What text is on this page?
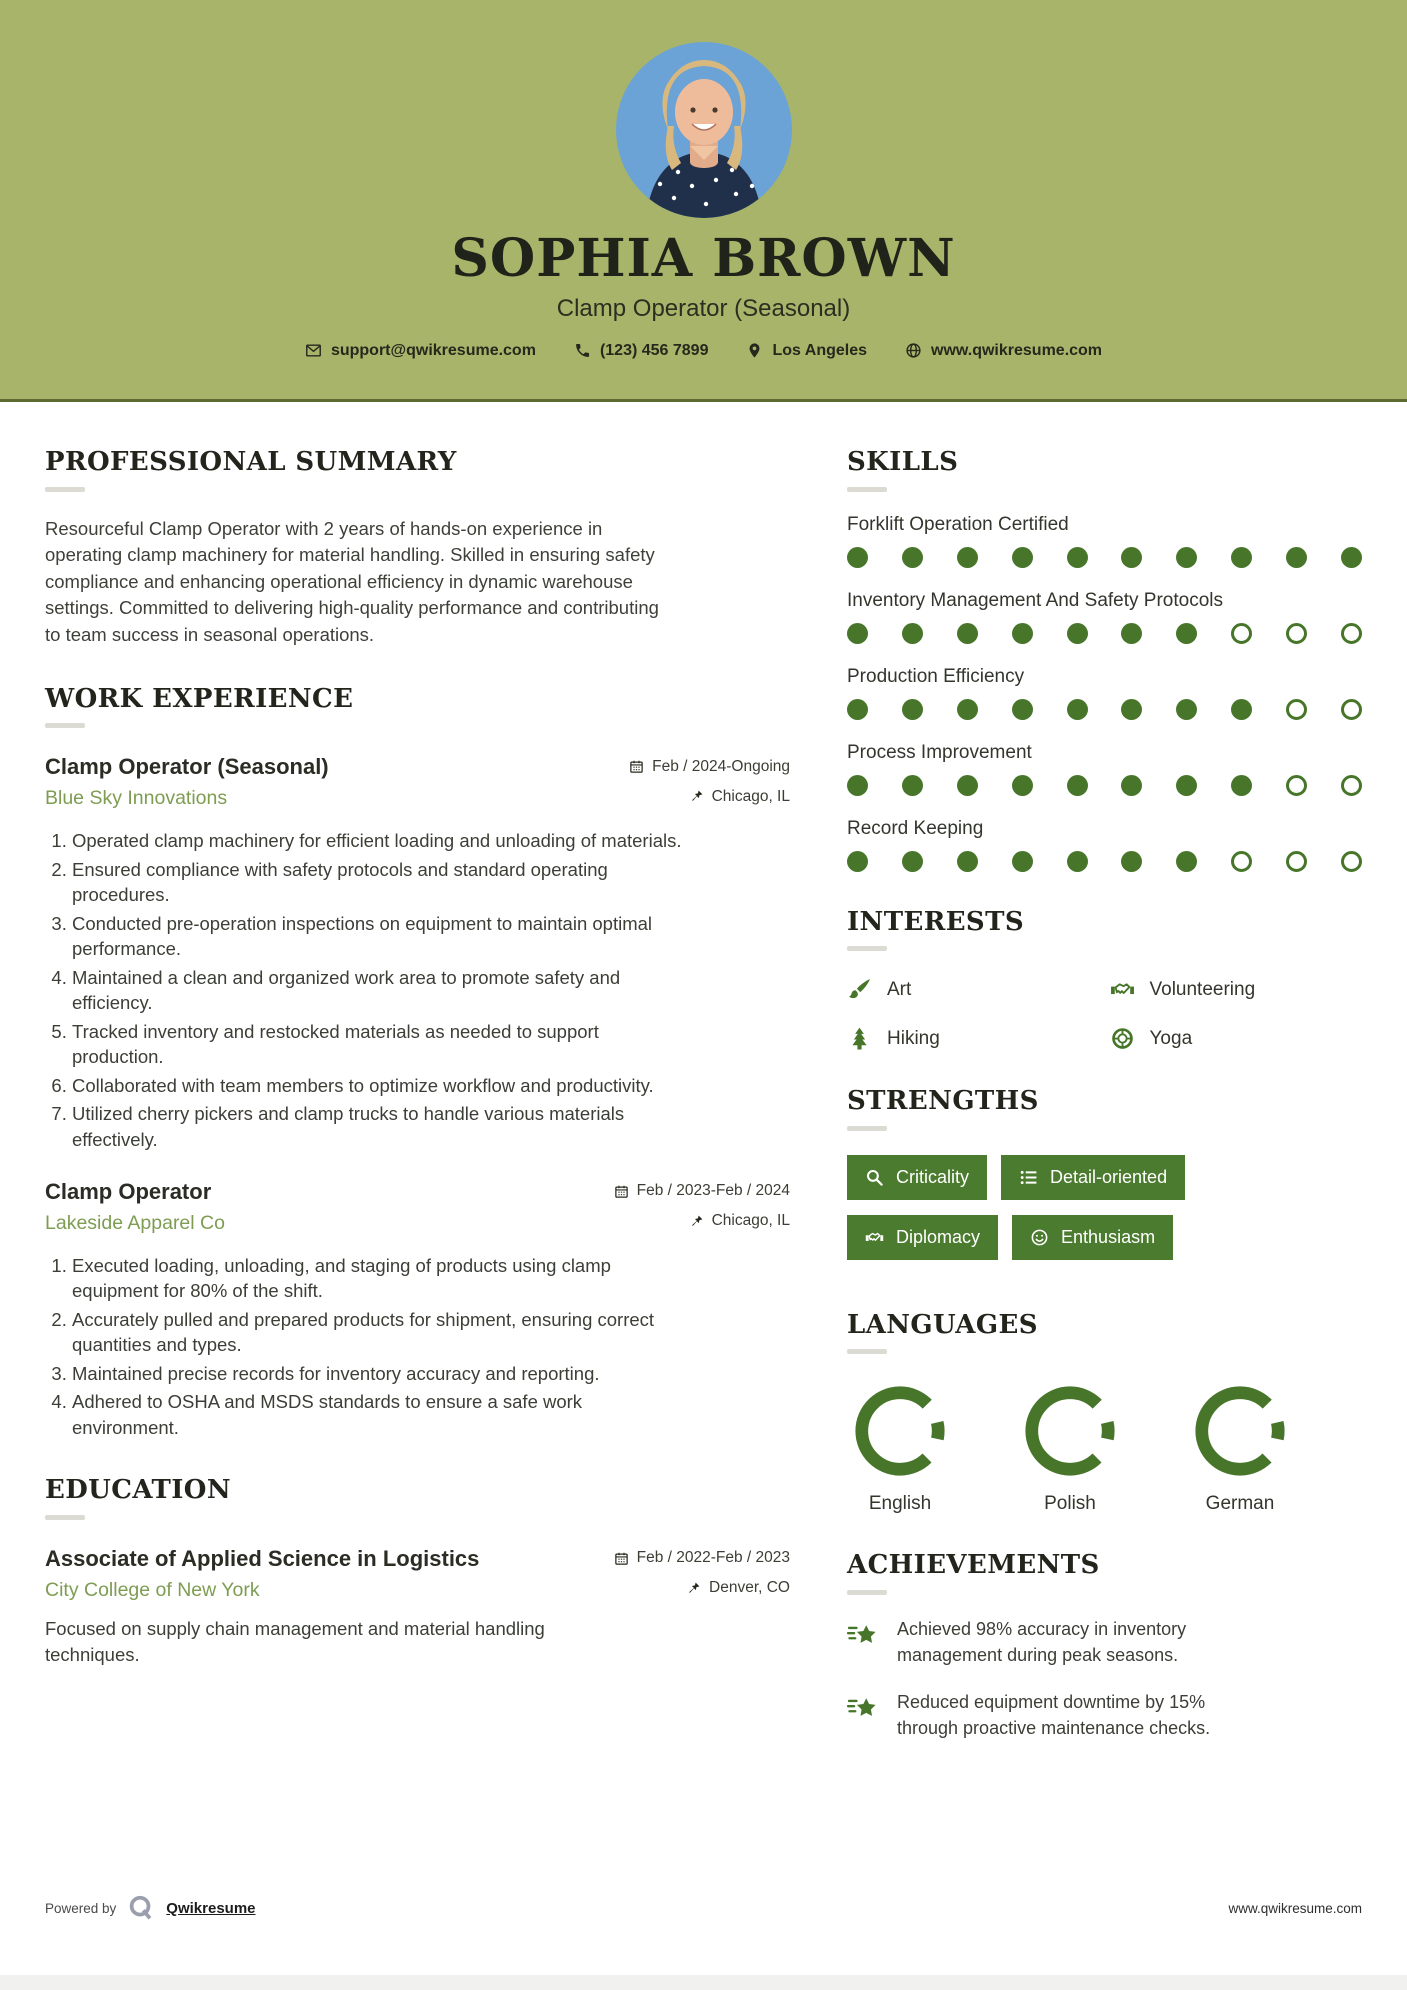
SOPHIA BROWN
Clamp Operator (Seasonal)
support@qwikresume.com	(123) 456 7899	Los Angeles	www.qwikresume.com
PROFESSIONAL SUMMARY

Resourceful Clamp Operator with 2 years of hands-on experience in operating clamp machinery for material handling. Skilled in ensuring safety compliance and enhancing operational efficiency in dynamic warehouse settings. Committed to delivering high-quality performance and contributing to team success in seasonal operations.

WORK EXPERIENCE
Clamp Operator (Seasonal)	Feb / 2024-Ongoing
Blue Sky Innovations	Chicago, IL
1. Operated clamp machinery for efficient loading and unloading of materials.
2. Ensured compliance with safety protocols and standard operating procedures.
3. Conducted pre-operation inspections on equipment to maintain optimal performance.
4. Maintained a clean and organized work area to promote safety and efficiency.
5. Tracked inventory and restocked materials as needed to support production.
6. Collaborated with team members to optimize workflow and productivity.
7. Utilized cherry pickers and clamp trucks to handle various materials effectively.
Clamp Operator	Feb / 2023-Feb / 2024
Lakeside Apparel Co	Chicago, IL
1. Executed loading, unloading, and staging of products using clamp equipment for 80% of the shift.
2. Accurately pulled and prepared products for shipment, ensuring correct quantities and types.
3. Maintained precise records for inventory accuracy and reporting.
4. Adhered to OSHA and MSDS standards to ensure a safe work environment.
EDUCATION
Associate of Applied Science in Logistics	Feb / 2022-Feb / 2023
City College of New York	Denver, CO

Focused on supply chain management and material handling techniques.

SKILLS
Forklift Operation Certified
Inventory Management And Safety Protocols
Production Efficiency
Process Improvement
Record Keeping
INTERESTS
Art	Volunteering
Hiking	Yoga
STRENGTHS
Criticality	Detail-oriented
Diplomacy	Enthusiasm
LANGUAGES
English	Polish	German
ACHIEVEMENTS

Achieved 98% accuracy in inventory management during peak seasons.

Reduced equipment downtime by 15% through proactive maintenance checks.

Powered by	Qwikresume	www.qwikresume.com
